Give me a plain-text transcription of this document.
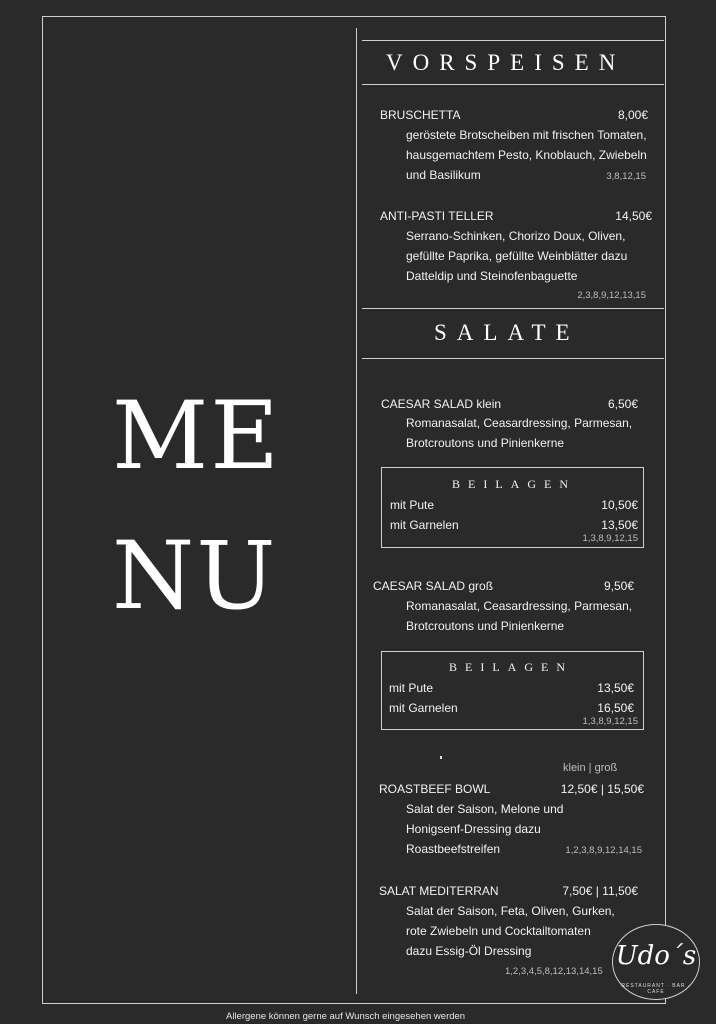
ME
NU
VORSPEISEN
BRUSCHETTA	8,00€
geröstete Brotscheiben mit frischen Tomaten,
hausgemachtem Pesto, Knoblauch, Zwiebeln
und Basilikum	3,8,12,15
ANTI-PASTI TELLER	14,50€
Serrano-Schinken, Chorizo Doux, Oliven,
gefüllte Paprika, gefüllte Weinblätter dazu
Datteldip und Steinofenbaguette
2,3,8,9,12,13,15
SALATE
CAESAR SALAD klein	6,50€
Romanasalat, Ceasardressing, Parmesan,
Brotcroutons und Pinienkerne
BEILAGEN
mit Pute	10,50€
mit Garnelen	13,50€
1,3,8,9,12,15
CAESAR SALAD groß	9,50€
Romanasalat, Ceasardressing, Parmesan,
Brotcroutons und Pinienkerne
BEILAGEN
mit Pute	13,50€
mit Garnelen	16,50€
1,3,8,9,12,15
klein | groß
ROASTBEEF BOWL	12,50€ | 15,50€
Salat der Saison, Melone und
Honigsenf-Dressing dazu
Roastbeefstreifen	1,2,3,8,9,12,14,15
SALAT MEDITERRAN	7,50€ | 11,50€
Salat der Saison, Feta, Oliven, Gurken,
rote Zwiebeln und Cocktailtomaten
dazu Essig-Öl Dressing
1,2,3,4,5,8,12,13,14,15
Udo´s
RESTAURANT · BAR · CAFE
Allergene können gerne auf Wunsch eingesehen werden
